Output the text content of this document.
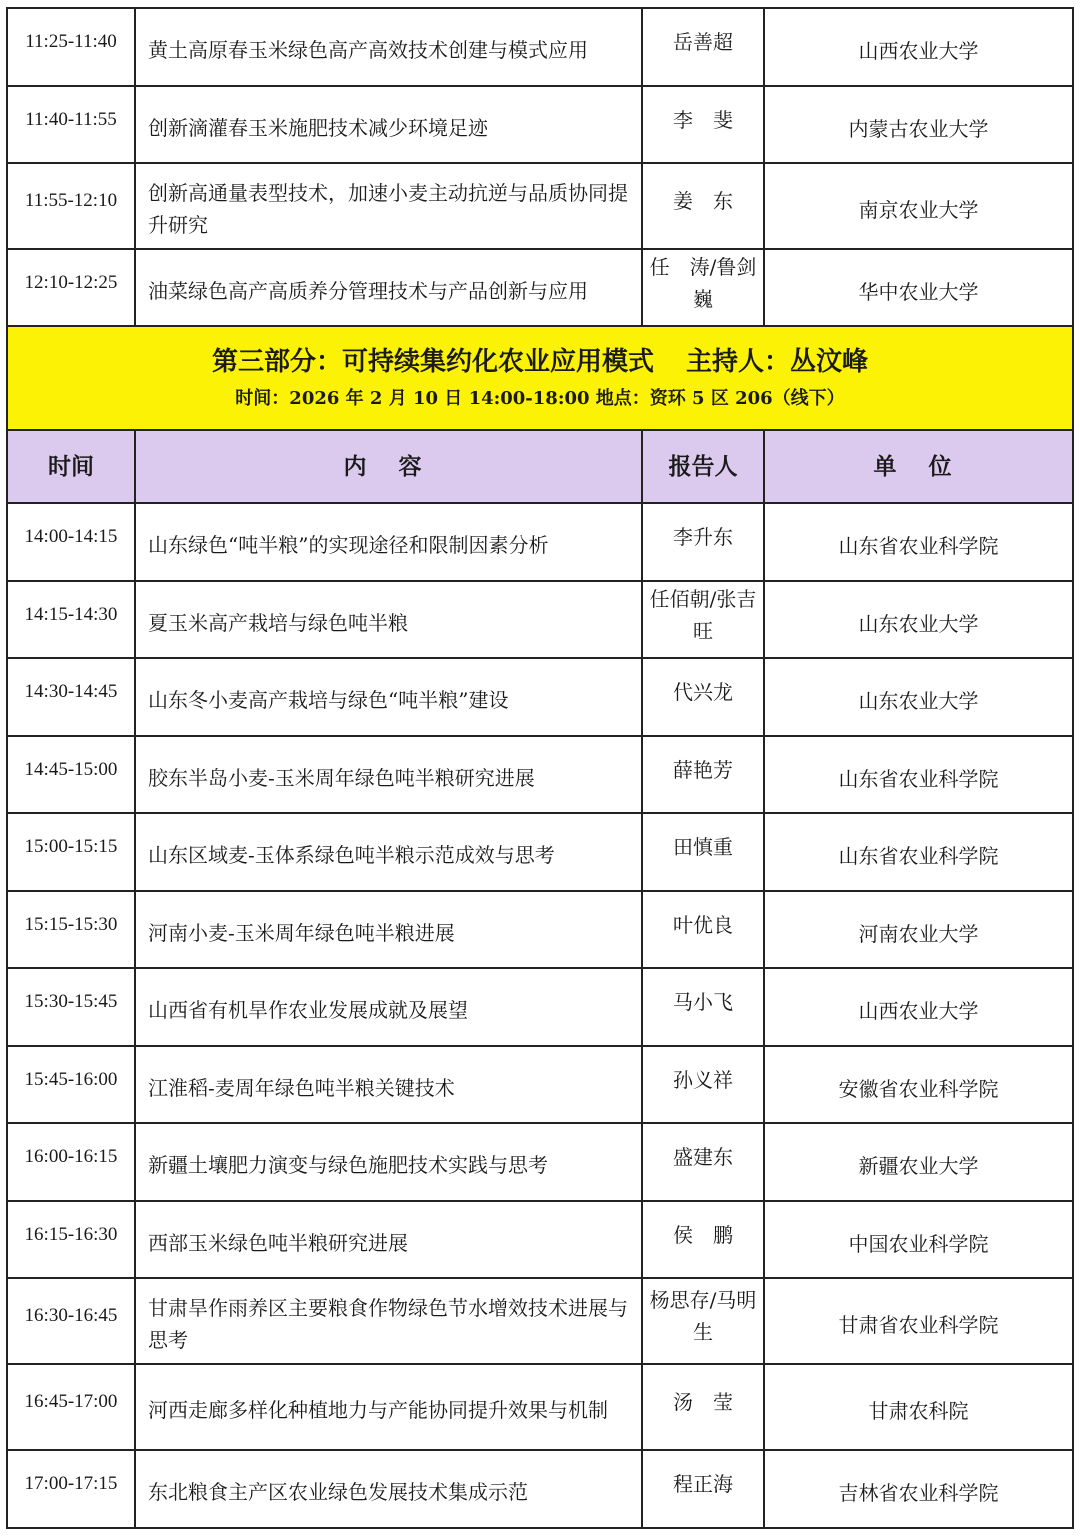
11:25-11:40	黄土高原春玉米绿色高产高效技术创建与模式应用	岳善超	山西农业大学
11:40-11:55	创新滴灌春玉米施肥技术减少环境足迹	李　斐	内蒙古农业大学
11:55-12:10	创新高通量表型技术，加速小麦主动抗逆与品质协同提升研究	姜　东	南京农业大学
12:10-12:25	油菜绿色高产高质养分管理技术与产品创新与应用	任　涛/鲁剑巍	华中农业大学

第三部分：可持续集约化农业应用模式 主持人：丛汶峰
时间：2026 年 2 月 10 日 14:00-18:00 地点：资环 5 区 206（线下）			

时间	内 容	报告人	单 位
14:00-14:15	山东绿色“吨半粮”的实现途径和限制因素分析	李升东	山东省农业科学院
14:15-14:30	夏玉米高产栽培与绿色吨半粮	任佰朝/张吉旺	山东农业大学
14:30-14:45	山东冬小麦高产栽培与绿色“吨半粮”建设	代兴龙	山东农业大学
14:45-15:00	胶东半岛小麦-玉米周年绿色吨半粮研究进展	薛艳芳	山东省农业科学院
15:00-15:15	山东区域麦-玉体系绿色吨半粮示范成效与思考	田慎重	山东省农业科学院
15:15-15:30	河南小麦-玉米周年绿色吨半粮进展	叶优良	河南农业大学
15:30-15:45	山西省有机旱作农业发展成就及展望	马小飞	山西农业大学
15:45-16:00	江淮稻-麦周年绿色吨半粮关键技术	孙义祥	安徽省农业科学院
16:00-16:15	新疆土壤肥力演变与绿色施肥技术实践与思考	盛建东	新疆农业大学
16:15-16:30	西部玉米绿色吨半粮研究进展	侯　鹏	中国农业科学院
16:30-16:45	甘肃旱作雨养区主要粮食作物绿色节水增效技术进展与思考	杨思存/马明生	甘肃省农业科学院
16:45-17:00	河西走廊多样化种植地力与产能协同提升效果与机制	汤　莹	甘肃农科院
17:00-17:15	东北粮食主产区农业绿色发展技术集成示范	程正海	吉林省农业科学院
